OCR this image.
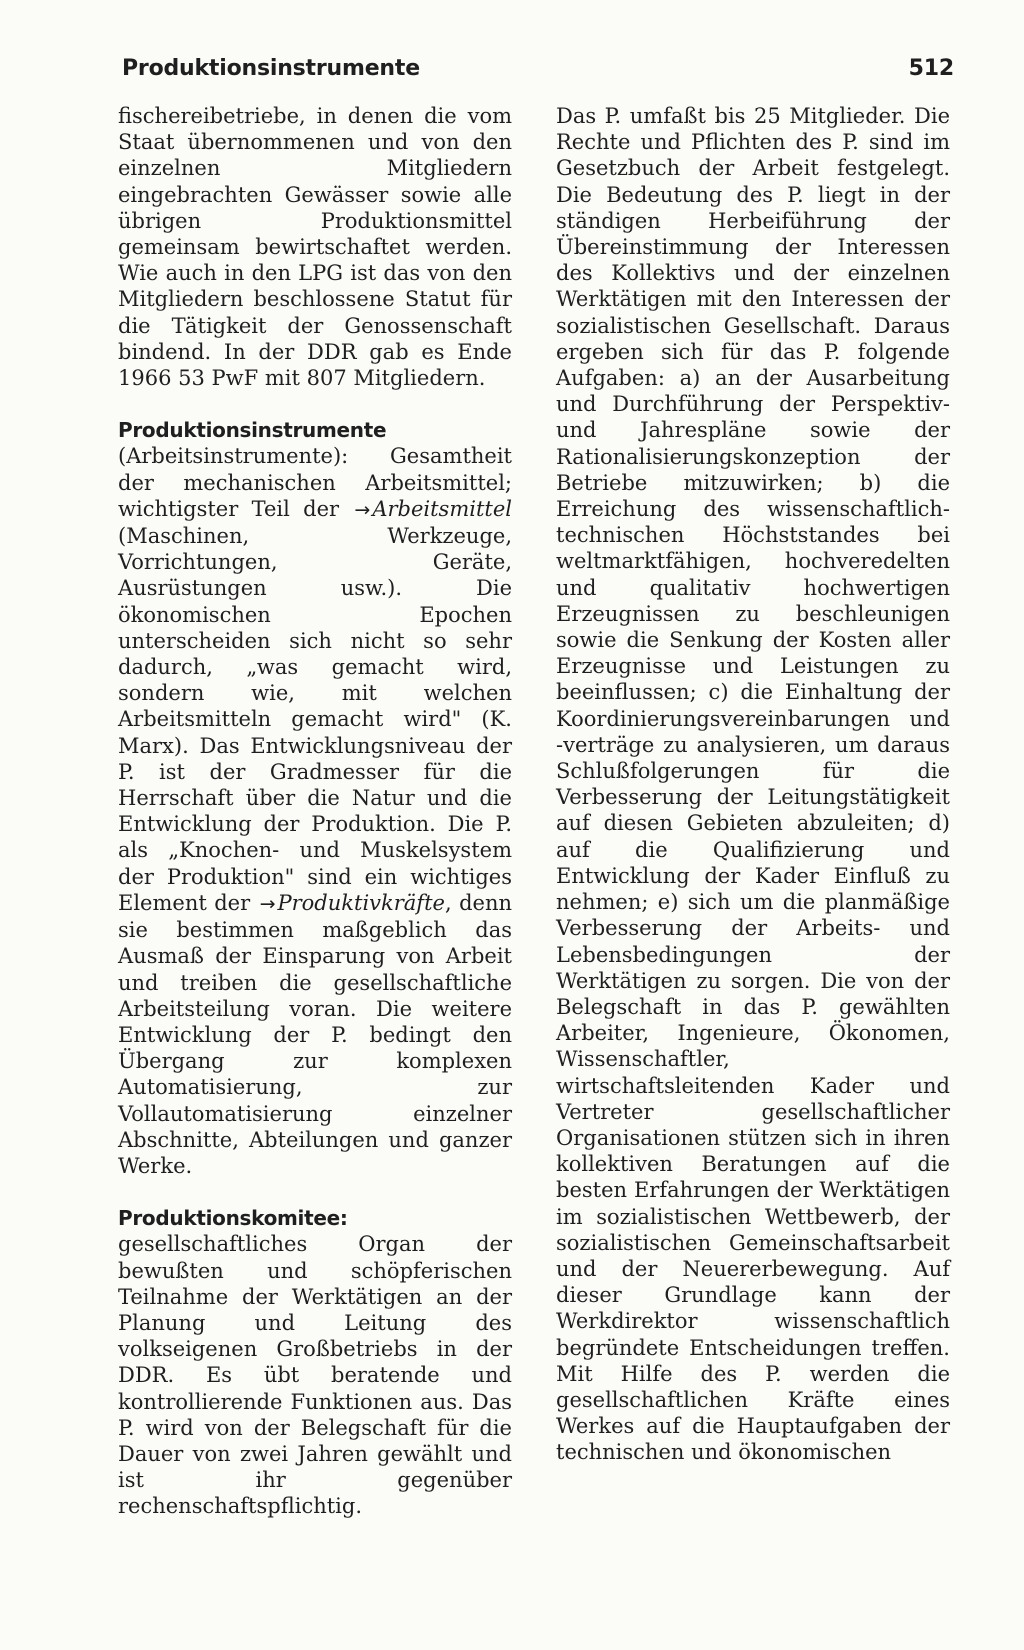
Produktionsinstrumente	512

fischereibetriebe, in denen die vom Staat übernommenen und von den einzelnen Mitgliedern eingebrachten Gewässer sowie alle übrigen Produktionsmittel gemeinsam bewirtschaftet werden. Wie auch in den LPG ist das von den Mitgliedern beschlossene Statut für die Tätigkeit der Genossenschaft bindend. In der DDR gab es Ende 1966 53 PwF mit 807 Mitgliedern.

Produktionsinstrumente (Arbeitsinstrumente): Gesamtheit der mechanischen Arbeitsmittel; wichtigster Teil der →Arbeitsmittel (Maschinen, Werkzeuge, Vorrichtungen, Geräte, Ausrüstungen usw.). Die ökonomischen Epochen unterscheiden sich nicht so sehr dadurch, „was gemacht wird, sondern wie, mit welchen Arbeitsmitteln gemacht wird" (K. Marx). Das Entwicklungsniveau der P. ist der Gradmesser für die Herrschaft über die Natur und die Entwicklung der Produktion. Die P. als „Knochen- und Muskelsystem der Produktion" sind ein wichtiges Element der →Produktivkräfte, denn sie bestimmen maßgeblich das Ausmaß der Einsparung von Arbeit und treiben die gesellschaftliche Arbeitsteilung voran. Die weitere Entwicklung der P. bedingt den Übergang zur komplexen Automatisierung, zur Vollautomatisierung einzelner Abschnitte, Abteilungen und ganzer Werke.

Produktionskomitee: gesellschaftliches Organ der bewußten und schöpferischen Teilnahme der Werktätigen an der Planung und Leitung des volkseigenen Großbetriebs in der DDR. Es übt beratende und kontrollierende Funktionen aus. Das P. wird von der Belegschaft für die Dauer von zwei Jahren gewählt und ist ihr gegenüber rechenschaftspflichtig.

Das P. umfaßt bis 25 Mitglieder. Die Rechte und Pflichten des P. sind im Gesetzbuch der Arbeit festgelegt. Die Bedeutung des P. liegt in der ständigen Herbeiführung der Übereinstimmung der Interessen des Kollektivs und der einzelnen Werktätigen mit den Interessen der sozialistischen Gesellschaft. Daraus ergeben sich für das P. folgende Aufgaben: a) an der Ausarbeitung und Durchführung der Perspektiv- und Jahrespläne sowie der Rationalisierungskonzeption der Betriebe mitzuwirken; b) die Erreichung des wissenschaftlich-technischen Höchststandes bei weltmarktfähigen, hochveredelten und qualitativ hochwertigen Erzeugnissen zu beschleunigen sowie die Senkung der Kosten aller Erzeugnisse und Leistungen zu beeinflussen; c) die Einhaltung der Koordinierungsvereinbarungen und -verträge zu analysieren, um daraus Schlußfolgerungen für die Verbesserung der Leitungstätigkeit auf diesen Gebieten abzuleiten; d) auf die Qualifizierung und Entwicklung der Kader Einfluß zu nehmen; e) sich um die planmäßige Verbesserung der Arbeits- und Lebensbedingungen der Werktätigen zu sorgen. Die von der Belegschaft in das P. gewählten Arbeiter, Ingenieure, Ökonomen, Wissenschaftler, wirtschaftsleitenden Kader und Vertreter gesellschaftlicher Organisationen stützen sich in ihren kollektiven Beratungen auf die besten Erfahrungen der Werktätigen im sozialistischen Wettbewerb, der sozialistischen Gemeinschaftsarbeit und der Neuererbewegung. Auf dieser Grundlage kann der Werkdirektor wissenschaftlich begründete Entscheidungen treffen. Mit Hilfe des P. werden die gesellschaftlichen Kräfte eines Werkes auf die Hauptaufgaben der technischen und ökonomischen
